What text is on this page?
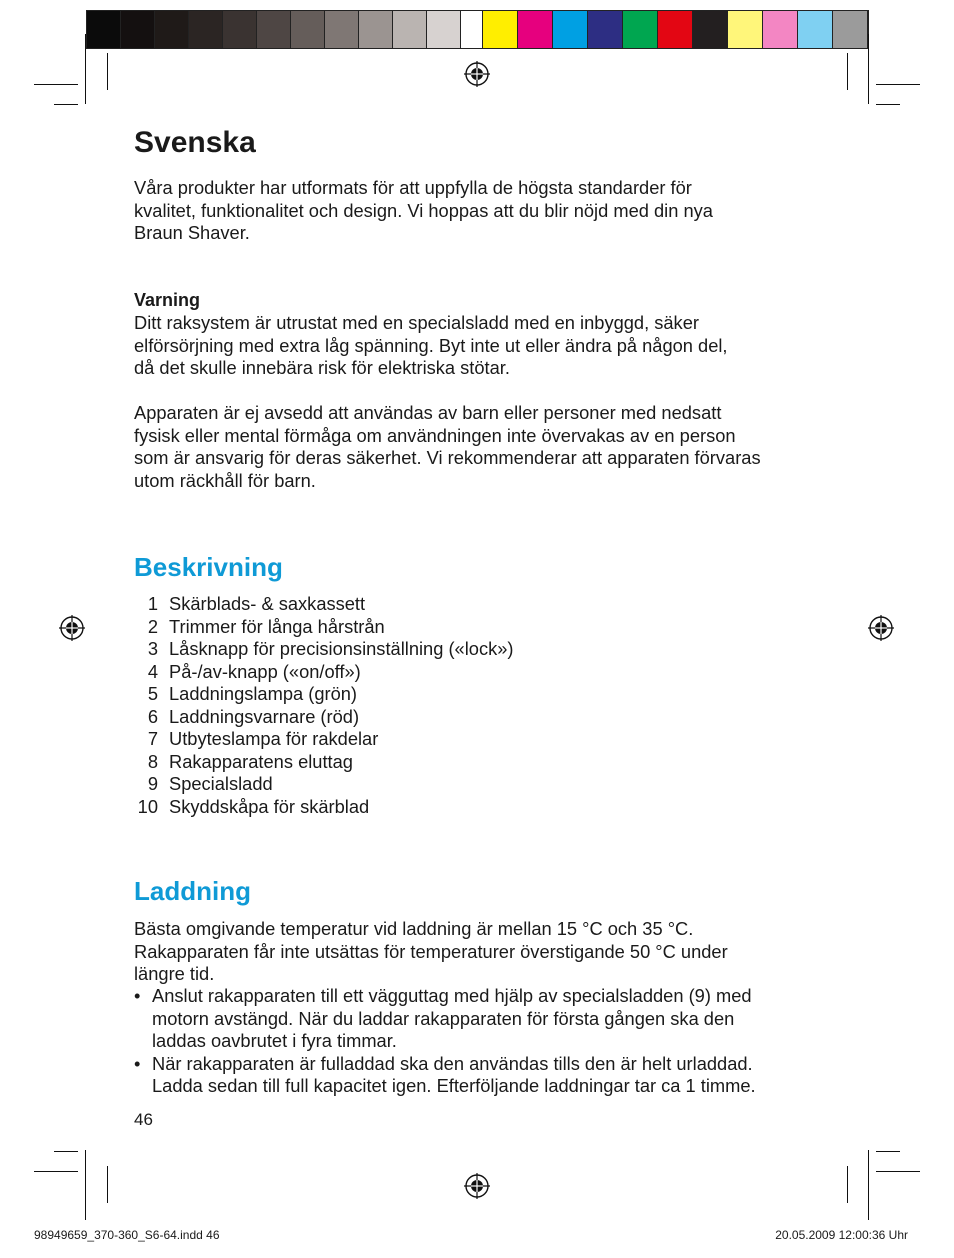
Svenska

Våra produkter har utformats för att uppfylla de högsta standarder för
kvalitet, funktionalitet och design. Vi hoppas att du blir nöjd med din nya
Braun Shaver.

Varning

Ditt raksystem är utrustat med en specialsladd med en inbyggd, säker
elförsörjning med extra låg spänning. Byt inte ut eller ändra på någon del,
då det skulle innebära risk för elektriska stötar.

Apparaten är ej avsedd att användas av barn eller personer med nedsatt
fysisk eller mental förmåga om användningen inte övervakas av en person
som är ansvarig för deras säkerhet. Vi rekommenderar att apparaten förvaras
utom räckhåll för barn.

Beskrivning
1 Skärblads- & saxkassett
2 Trimmer för långa hårstrån
3 Låsknapp för precisionsinställning («lock»)
4 På-/av-knapp («on/off»)
5 Laddningslampa (grön)
6 Laddningsvarnare (röd)
7 Utbyteslampa för rakdelar
8 Rakapparatens eluttag
9 Specialsladd
10 Skyddskåpa för skärblad
Laddning

Bästa omgivande temperatur vid laddning är mellan 15 °C och 35 °C.
Rakapparaten får inte utsättas för temperaturer överstigande 50 °C under
längre tid.

• Anslut rakapparaten till ett vägguttag med hjälp av specialsladden (9) med
motorn avstängd. När du laddar rakapparaten för första gången ska den
laddas oavbrutet i fyra timmar.
• När rakapparaten är fulladdad ska den användas tills den är helt urladdad.
Ladda sedan till full kapacitet igen. Efterföljande laddningar tar ca 1 timme.
46
98949659_370-360_S6-64.indd 46	20.05.2009 12:00:36 Uhr
